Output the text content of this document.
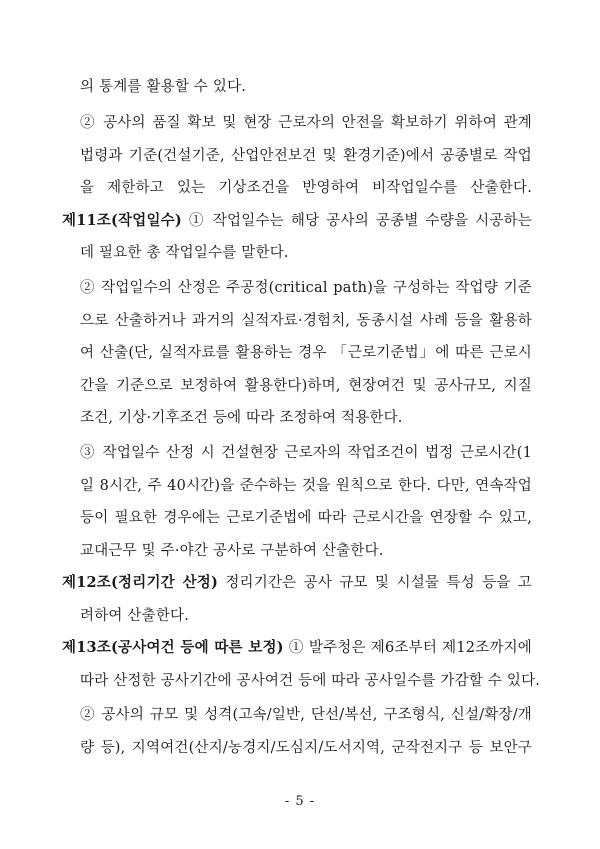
의 통계를 활용할 수 있다.
② 공사의 품질 확보 및 현장 근로자의 안전을 확보하기 위하여 관계
법령과 기준(건설기준, 산업안전보건 및 환경기준)에서 공종별로 작업
을 제한하고 있는 기상조건을 반영하여 비작업일수를 산출한다.
제11조(작업일수) ① 작업일수는 해당 공사의 공종별 수량을 시공하는
데 필요한 총 작업일수를 말한다.
② 작업일수의 산정은 주공정(critical path)을 구성하는 작업량 기준
으로 산출하거나 과거의 실적자료·경험치, 동종시설 사례 등을 활용하
여 산출(단, 실적자료를 활용하는 경우 「근로기준법」에 따른 근로시
간을 기준으로 보정하여 활용한다)하며, 현장여건 및 공사규모, 지질
조건, 기상·기후조건 등에 따라 조정하여 적용한다.
③ 작업일수 산정 시 건설현장 근로자의 작업조건이 법정 근로시간(1
일 8시간, 주 40시간)을 준수하는 것을 원칙으로 한다. 다만, 연속작업
등이 필요한 경우에는 근로기준법에 따라 근로시간을 연장할 수 있고,
교대근무 및 주·야간 공사로 구분하여 산출한다.
제12조(정리기간 산정) 정리기간은 공사 규모 및 시설물 특성 등을 고
려하여 산출한다.
제13조(공사여건 등에 따른 보정) ① 발주청은 제6조부터 제12조까지에
따라 산정한 공사기간에 공사여건 등에 따라 공사일수를 가감할 수 있다.
② 공사의 규모 및 성격(고속/일반, 단선/복선, 구조형식, 신설/확장/개
량 등), 지역여건(산지/농경지/도심지/도서지역, 군작전지구 등 보안구
- 5 -
